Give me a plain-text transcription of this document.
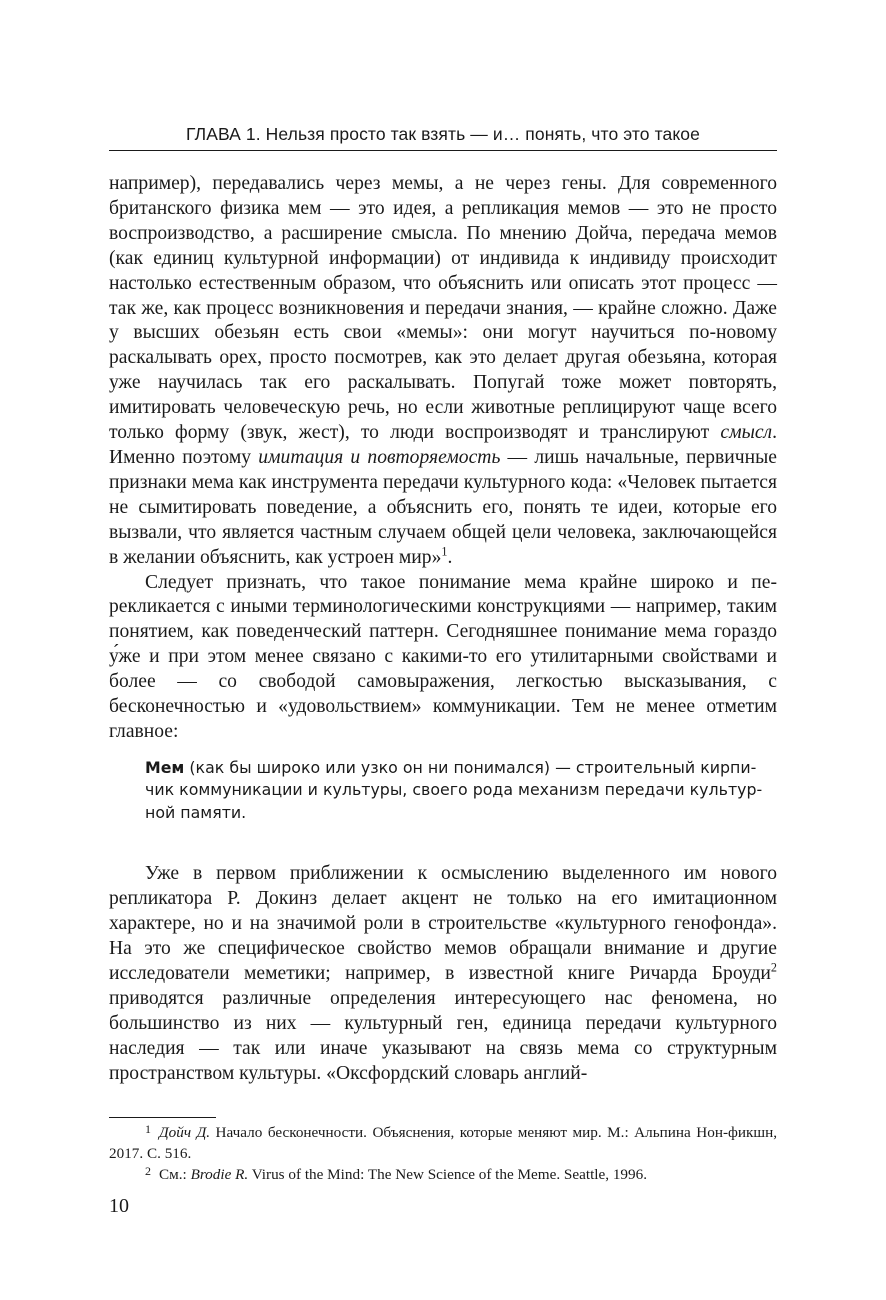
ГЛАВА 1. Нельзя просто так взять — и… понять, что это такое

например), передавались через мемы, а не через гены. Для современного британского физика мем — это идея, а репликация мемов — это не просто воспроизводство, а расширение смысла. По мнению Дойча, передача мемов (как единиц культурной информации) от индивида к индивиду происходит настолько естественным образом, что объяснить или описать этот процесс — так же, как процесс возникновения и передачи знания, — крайне сложно. Даже у высших обезьян есть свои «мемы»: они могут научиться по-новому раскалывать орех, просто посмотрев, как это делает другая обезьяна, которая уже научилась так его раскалывать. Попугай тоже может повторять, имитировать человеческую речь, но если животные реплицируют чаще всего только форму (звук, жест), то люди воспроизводят и транслируют смысл. Именно поэтому имитация и повторяемость — лишь начальные, первичные признаки мема как инструмента передачи культурного кода: «Человек пытается не сымитировать поведение, а объяснить его, понять те идеи, которые его вызвали, что является частным случаем общей цели человека, заключающейся в желании объяснить, как устроен мир»$^1$.

Следует признать, что такое понимание мема крайне широко и перекликается с иными терминологическими конструкциями — например, таким понятием, как поведенческий паттерн. Сегодняшнее понимание мема гораздо у́же и при этом менее связано с какими-то его утилитарными свойствами и более — со свободой самовыражения, легкостью высказывания, с бесконечностью и «удовольствием» коммуникации. Тем не менее отметим главное:

Мем (как бы широко или узко он ни понимался) — строительный кирпичик коммуникации и культуры, своего рода механизм передачи культурной памяти.

Уже в первом приближении к осмыслению выделенного им нового репликатора Р. Докинз делает акцент не только на его имитационном характере, но и на значимой роли в строительстве «культурного генофонда». На это же специфическое свойство мемов обращали внимание и другие исследователи меметики; например, в известной книге Ричарда Броуди$^2$ приводятся различные определения интересующего нас феномена, но большинство из них — культурный ген, единица передачи культурного наследия — так или иначе указывают на связь мема со структурным пространством культуры. «Оксфордский словарь англий-

1 Дойч Д. Начало бесконечности. Объяснения, которые меняют мир. М.: Альпина Нон-фикшн, 2017. С. 516.

2 См.: Brodie R. Virus of the Mind: The New Science of the Meme. Seattle, 1996.

10
